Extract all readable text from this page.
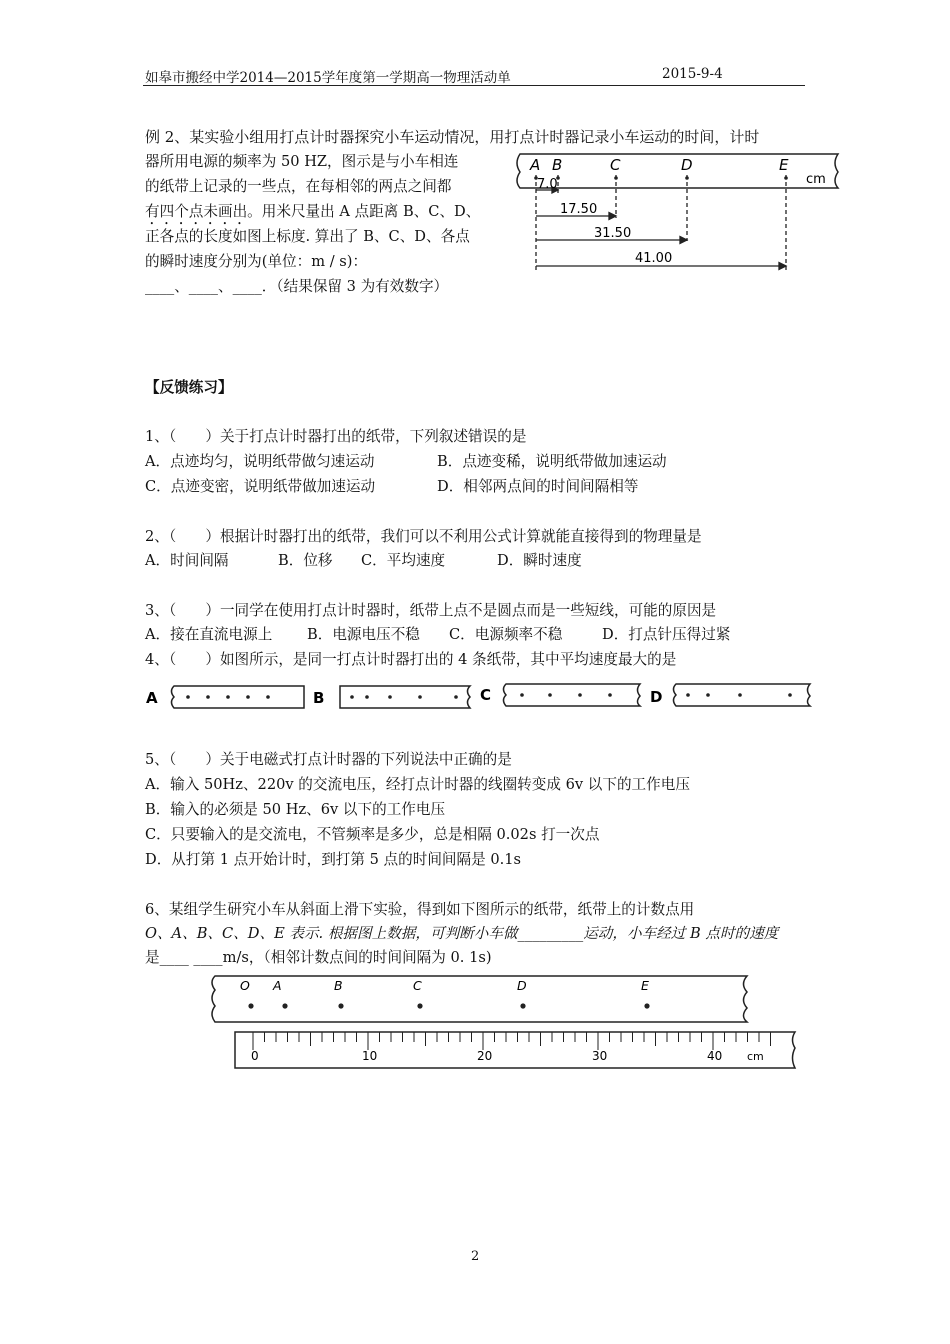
如皋市搬经中学2014—2015学年度第一学期高一物理活动单	2015-9-4
例 2、某实验小组用打点计时器探究小车运动情况，用打点计时器记录小车运动的时间，计时
器所用电源的频率为 50 HZ，图示是与小车相连
的纸带上记录的一些点，在每相邻的两点之间都
有四个点未画出。用米尺量出 A 点距离 B、C、D、
正各点的长度如图上标度. 算出了 B、C、D、各点
的瞬时速度分别为(单位：m / s)：
____、____、____．（结果保留 3 为有效数字）
A B	C	D	E
cm
7.0
17.50
31.50
41.00
【反馈练习】
1、（　　）关于打点计时器打出的纸带，下列叙述错误的是
A．点迹均匀，说明纸带做匀速运动	B．点迹变稀，说明纸带做加速运动
C．点迹变密，说明纸带做加速运动	D．相邻两点间的时间间隔相等
2、（　　）根据计时器打出的纸带，我们可以不利用公式计算就能直接得到的物理量是
A．时间间隔	B．位移 C．平均速度	D．瞬时速度
3、（　　）一同学在使用打点计时器时，纸带上点不是圆点而是一些短线，可能的原因是
A．接在直流电源上 B．电源电压不稳 C．电源频率不稳	D．打点针压得过紧
4、（　　）如图所示，是同一打点计时器打出的 4 条纸带，其中平均速度最大的是
A	B	C	D
5、（　　）关于电磁式打点计时器的下列说法中正确的是
A．输入 50Hz、220v 的交流电压，经打点计时器的线圈转变成 6v 以下的工作电压
B．输入的必须是 50 Hz、6v 以下的工作电压
C．只要输入的是交流电，不管频率是多少，总是相隔 0.02s 打一次点
D．从打第 1 点开始计时，到打第 5 点的时间间隔是 0.1s
6、某组学生研究小车从斜面上滑下实验，得到如下图所示的纸带，纸带上的计数点用
O、A、B、C、D、E 表示. 根据图上数据，可判断小车做_________运动，小车经过 B 点时的速度
是____ ____m/s，（相邻计数点间的时间间隔为 0. 1s)
O A	B	C	D	E
0	10	20	30	40 cm
2
